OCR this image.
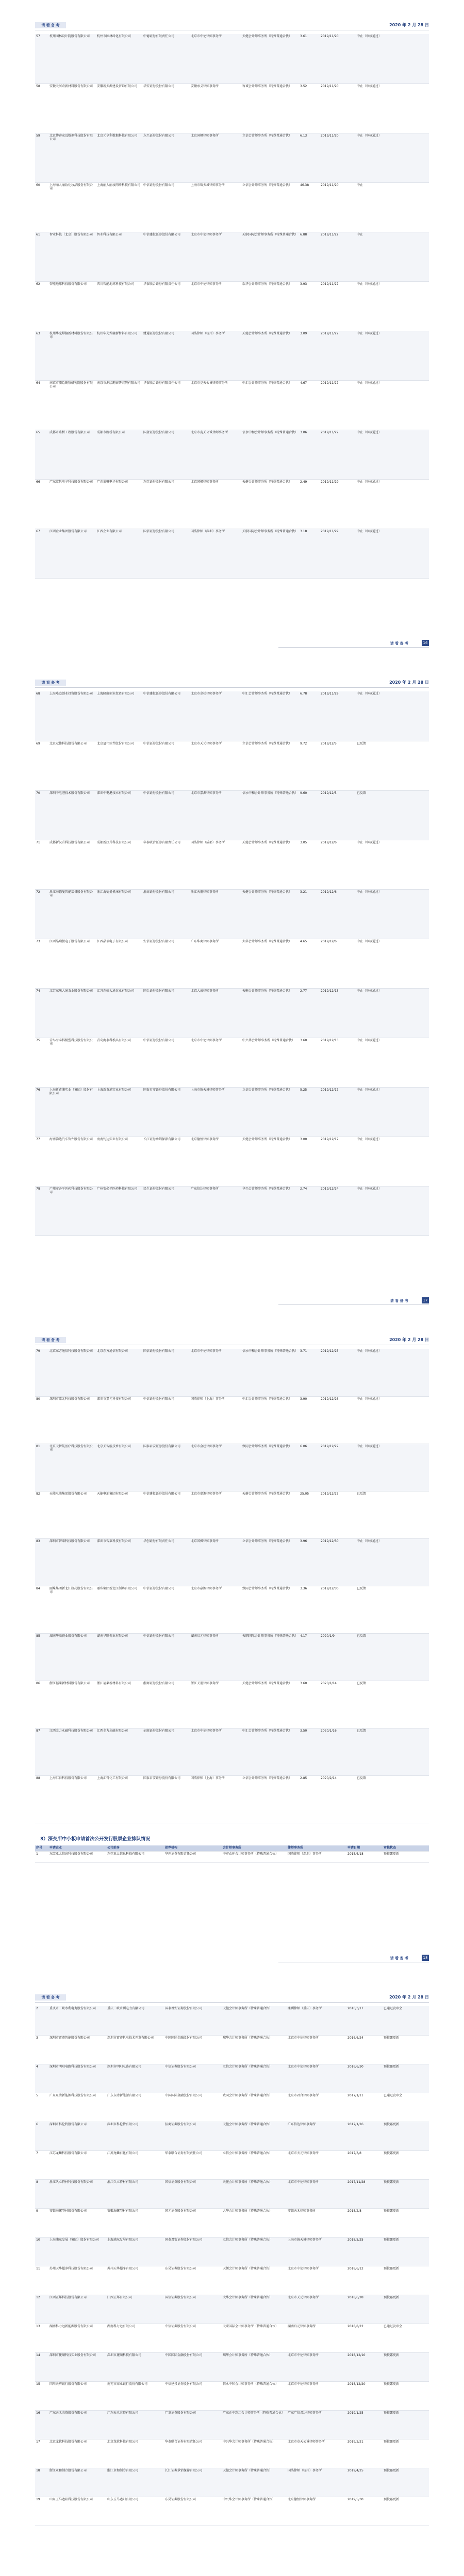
请 看 备 考	2020 年 2 月 28 日
57	杭州园林设计院股份有限公司	杭州市园林绿化有限公司	中德证券有限责任公司	北京市中伦律师事务所	天健会计师事务所（特殊普通合伙）	3.61	2019/11/20	中止（审核通过）
58	安徽天河奇新材料股份有限公司	安徽新天源建设咨询有限公司	华安证券股份有限公司	安徽承义律师事务所	容诚会计师事务所（特殊普通合伙）	3.52	2019/11/20	中止（审核通过）
59	北京博睿宏远数据科技股份有限公司	北京元亨利数据科技有限公司	东兴证券股份有限公司	北京国枫律师事务所	立信会计师事务所（特殊普通合伙）	6.13	2019/11/20	中止（审核通过）
60	上海丽人丽妆化妆品股份有限公司	上海丽人丽妆网络科技有限公司	中信证券股份有限公司	上海市锦天城律师事务所	立信会计师事务所（特殊普通合伙）	46.38	2019/11/20	中止
61	智业科技（北京）股份有限公司	智业科技有限公司	中信建投证券股份有限公司	北京市中伦律师事务所	天职国际会计师事务所（特殊普通合伙）	6.88	2019/11/22	中止
62	智能地球科技股份有限公司	四川智能地球科技有限公司	华泰联合证券有限责任公司	北京市中伦律师事务所	瑞华会计师事务所（特殊普通合伙）	3.93	2019/11/27	中止（审核通过）
63	杭州华光焊接新材料股份有限公司	杭州华光焊接新材料有限公司	财通证券股份有限公司	国浩律师（杭州）事务所	天健会计师事务所（特殊普通合伙）	3.09	2019/11/27	中止（审核通过）
64	南京市测绘勘察研究院股份有限公司	南京市测绘勘察研究院有限公司	华泰联合证券有限责任公司	北京市竞天公诚律师事务所	中汇会计师事务所（特殊普通合伙）	4.67	2019/11/27	中止（审核通过）
65	成都市路桥工程股份有限公司	成都市路桥有限公司	国金证券股份有限公司	北京市竞天公诚律师事务所	信永中和会计师事务所（特殊普通合伙）	3.06	2019/11/27	中止（审核通过）
66	广东蓝帆电子科技股份有限公司	广东蓝帆电子有限公司	东莞证券股份有限公司	北京国枫律师事务所	天健会计师事务所（特殊普通合伙）	2.49	2019/11/29	中止（审核通过）
67	江西企业集团股份有限公司	江西企业有限公司	国信证券股份有限公司	国浩律师（深圳）事务所	天职国际会计师事务所（特殊普通合伙）	3.18	2019/11/29	中止（审核通过）
请 看 备 考	16
请 看 备 考	2020 年 2 月 28 日
68	上海隆庭创业投资股份有限公司	上海隆庭创业投资有限公司	中信建投证券股份有限公司	北京市金杜律师事务所	中汇会计师事务所（特殊普通合伙）	6.78	2019/11/29	中止（审核通过）
69	北京冠伟科技股份有限公司	北京冠伟软件股份有限公司	中信证券股份有限公司	北京市天元律师事务所	立信会计师事务所（特殊普通合伙）	9.72	2019/12/5	已反馈
70	深圳中电港技术股份有限公司	深圳中电港技术有限公司	中信证券股份有限公司	北京市嘉源律师事务所	信永中和会计师事务所（特殊普通合伙）	9.60	2019/12/5	已反馈
71	成都新汉升科技股份有限公司	成都新汉升科技有限公司	华泰联合证券有限责任公司	国浩律师（成都）事务所	天健会计师事务所（特殊普通合伙）	3.05	2019/12/6	中止（审核通过）
72	浙江海德曼智能装备股份有限公司	浙江海德曼机床有限公司	浙商证券股份有限公司	浙江天册律师事务所	天健会计师事务所（特殊普通合伙）	3.21	2019/12/6	中止（审核通过）
73	江西晶瑞微电子股份有限公司	江西晶瑞电子有限公司	安信证券股份有限公司	广东华商律师事务所	大华会计师事务所（特殊普通合伙）	4.65	2019/12/6	中止（审核通过）
74	江苏东峡大通农业股份有限公司	江苏东峡大通农业有限公司	国金证券股份有限公司	北京大成律师事务所	天衡会计师事务所（特殊普通合伙）	2.77	2019/12/13	中止（审核通过）
75	青岛海泰科模塑科技股份有限公司	青岛海泰科模具有限公司	中信证券股份有限公司	北京市中伦律师事务所	中兴华会计师事务所（特殊普通合伙）	3.60	2019/12/13	中止（审核通过）
76	上海新黄浦实业（集团）股份有限公司	上海新黄浦实业有限公司	国泰君安证券股份有限公司	上海市锦天城律师事务所	立信会计师事务所（特殊普通合伙）	5.25	2019/12/17	中止（审核通过）
77	海南钧达汽车饰件股份有限公司	海南钧达实业有限公司	长江证券承销保荐有限公司	北京德恒律师事务所	天健会计师事务所（特殊普通合伙）	3.00	2019/12/17	中止（审核通过）
78	广州安必平医药科技股份有限公司	广州安必平医药科技有限公司	民生证券股份有限公司	广东信达律师事务所	华兴会计师事务所（特殊普通合伙）	2.74	2019/12/24	中止（审核通过）
请 看 备 考	17
请 看 备 考	2020 年 2 月 28 日
79	北京东方通信科技股份有限公司	北京东方通信有限公司	国信证券股份有限公司	北京市中伦律师事务所	信永中和会计师事务所（特殊普通合伙）	3.71	2019/12/25	中止（审核通过）
80	深圳市嘉元科技股份有限公司	深圳市嘉元科技有限公司	中信证券股份有限公司	国浩律师（上海）事务所	中汇会计师事务所（特殊普通合伙）	3.90	2019/12/26	中止（审核通过）
81	北京天智航医疗科技股份有限公司	北京天智航技术有限公司	国泰君安证券股份有限公司	北京市金杜律师事务所	致同会计师事务所（特殊普通合伙）	6.06	2019/12/27	中止（审核通过）
82	天能电池集团股份有限公司	天能电池集团有限公司	中信建投证券股份有限公司	北京市嘉源律师事务所	天健会计师事务所（特殊普通合伙）	25.05	2019/12/27	已反馈
83	深圳市智莱科技股份有限公司	深圳市智莱科技有限公司	华创证券有限责任公司	北京国枫律师事务所	立信会计师事务所（特殊普通合伙）	3.96	2019/12/30	中止（审核通过）
84	丽珠集团新北江制药股份有限公司	丽珠集团新北江制药有限公司	中信证券股份有限公司	北京市嘉源律师事务所	致同会计师事务所（特殊普通合伙）	3.36	2019/12/30	已反馈
85	湖南华联瓷业股份有限公司	湖南华联瓷业有限公司	中信证券股份有限公司	湖南启元律师事务所	天职国际会计师事务所（特殊普通合伙）	4.17	2020/1/9	已反馈
86	浙江福莱新材料股份有限公司	浙江福莱新材料有限公司	浙商证券股份有限公司	浙江天册律师事务所	天健会计师事务所（特殊普通合伙）	3.60	2020/1/14	已反馈
87	江西金力永磁科技股份有限公司	江西金力永磁有限公司	招商证券股份有限公司	北京市中伦律师事务所	中汇会计师事务所（特殊普通合伙）	3.50	2020/1/16	已反馈
88	上海汇得科技股份有限公司	上海汇得化工有限公司	国泰君安证券股份有限公司	国浩律师（上海）事务所	立信会计师事务所（特殊普通合伙）	2.85	2020/2/14	已反馈
3）深交所中小板申请首次公开发行股票企业排队情况
序号	申请企业	公司前身	保荐机构	会计师事务所	律师事务所	申请日期	审核状态
1	东莞亚太信息科技股份有限公司	东莞亚太信息科技有限公司	华创证券有限责任公司	中审众环会计师事务所（特殊普通合伙）	国浩律师（深圳）事务所	2015/6/18	预披露更新
请 看 备 考	18
请 看 备 考	2020 年 2 月 28 日
2	重庆市三峡水利电力股份有限公司	重庆三峡水利电力有限公司	国泰君安证券股份有限公司	天健会计师事务所（特殊普通合伙）	康利律师（重庆）事务所	2016/3/17	已通过发审会
3	深圳市雷赛智能股份有限公司	深圳市雷赛机电技术开发有限公司	中国国际金融股份有限公司	瑞华会计师事务所（特殊普通合伙）	北京市中伦律师事务所	2016/6/24	预披露更新
4	深圳市明阳电路科技股份有限公司	深圳市明阳电路有限公司	中信证券股份有限公司	立信会计师事务所（特殊普通合伙）	北京市中伦律师事务所	2016/6/30	预披露更新
5	广东东湾新能源科技股份有限公司	广东东湾新能源有限公司	中国国际金融股份有限公司	致同会计师事务所（特殊普通合伙）	北京市君合律师事务所	2017/1/11	已通过发审会
6	深圳市科伦特股份有限公司	深圳市科伦特有限公司	招商证券股份有限公司	天健会计师事务所（特殊普通合伙）	广东信达律师事务所	2017/1/26	预披露更新
7	江苏龙蟠科技股份有限公司	江苏龙蟠石化有限公司	华泰联合证券有限责任公司	立信会计师事务所（特殊普通合伙）	北京市天元律师事务所	2017/3/8	预披露更新
8	浙江久立特材科技股份有限公司	浙江久立特材有限公司	国信证券股份有限公司	天健会计师事务所（特殊普通合伙）	北京市中伦律师事务所	2017/11/28	预披露更新
9	安徽海螺型材股份有限公司	安徽海螺型材有限公司	国元证券股份有限公司	大华会计师事务所（特殊普通合伙）	安徽天禾律师事务所	2018/2/8	预披露更新
10	上海浦东发展（集团）股份有限公司	上海浦东发展有限公司	国泰君安证券股份有限公司	立信会计师事务所（特殊普通合伙）	上海市锦天城律师事务所	2018/5/25	预披露更新
11	苏州天华超净科技股份有限公司	苏州天华超净有限公司	东吴证券股份有限公司	天衡会计师事务所（特殊普通合伙）	北京市中伦律师事务所	2018/6/12	预披露更新
12	江西正邦科技股份有限公司	江西正邦有限公司	国信证券股份有限公司	大华会计师事务所（特殊普通合伙）	北京市天元律师事务所	2018/6/28	预披露更新
13	湖南科力远新能源股份有限公司	湖南科力远有限公司	中信证券股份有限公司	天职国际会计师事务所（特殊普通合伙）	湖南启元律师事务所	2018/8/22	已通过发审会
14	深圳市捷顺科技实业股份有限公司	深圳市捷顺科技有限公司	中国国际金融股份有限公司	瑞华会计师事务所（特殊普通合伙）	北京市中伦律师事务所	2018/12/10	预披露更新
15	四川天府银行股份有限公司	南充市商业银行股份有限公司	中信建投证券股份有限公司	信永中和会计师事务所（特殊普通合伙）	北京市中伦律师事务所	2018/12/20	预披露更新
16	广东天禾农资股份有限公司	广东天禾农资有限公司	广发证券股份有限公司	广东正中珠江会计师事务所（特殊普通合伙）	广东广信君达律师事务所	2019/1/25	预披露更新
17	北京龙软科技股份有限公司	北京龙软科技有限公司	华泰联合证券有限责任公司	中兴华会计师事务所（特殊普通合伙）	北京市竞天公诚律师事务所	2019/3/21	预披露更新
18	浙江永和制冷股份有限公司	浙江永和制冷有限公司	长江证券承销保荐有限公司	天健会计师事务所（特殊普通合伙）	国浩律师（杭州）事务所	2019/4/25	预披露更新
19	山东玉马遮阳科技股份有限公司	山东玉马遮阳有限公司	东吴证券股份有限公司	中兴华会计师事务所（特殊普通合伙）	北京德恒律师事务所	2019/5/30	预披露更新
